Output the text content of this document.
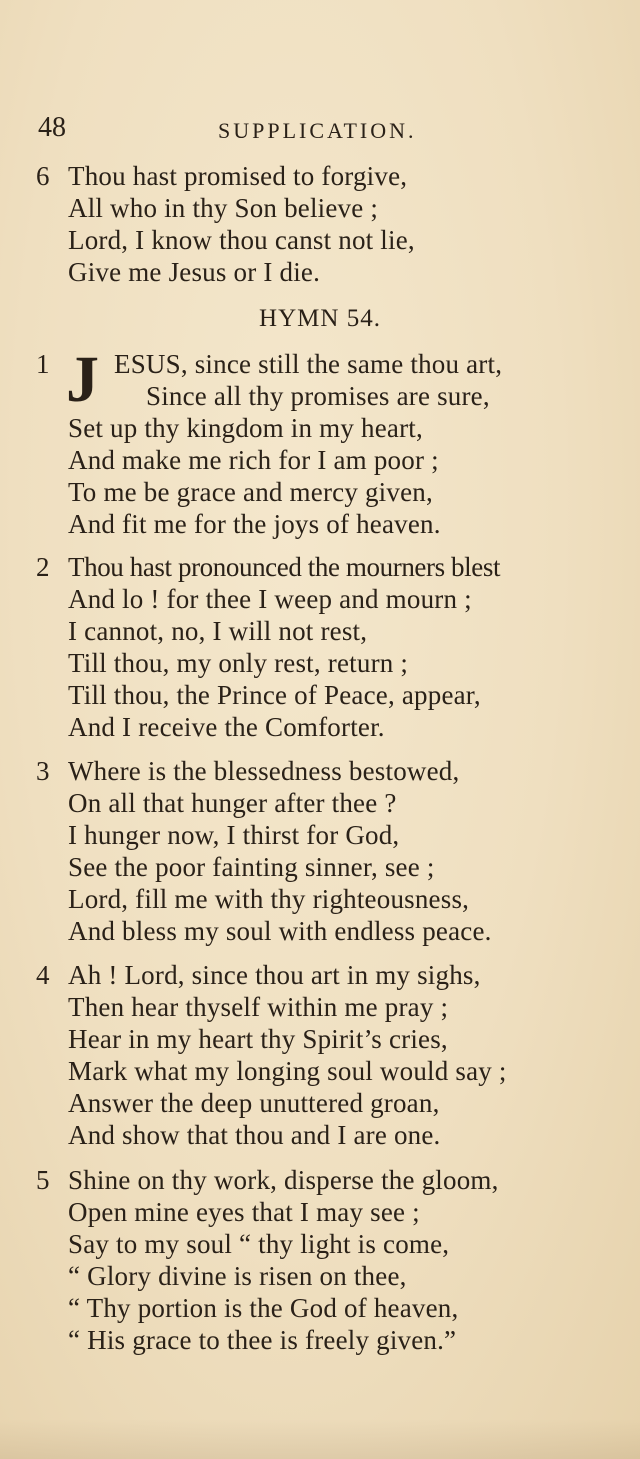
48	SUPPLICATION.
6 Thou hast promised to forgive,
All who in thy Son believe ;
Lord, I know thou canst not lie,
Give me Jesus or I die.
HYMN 54.
1 J ESUS, since still the same thou art,
Since all thy promises are sure,
Set up thy kingdom in my heart,
And make me rich for I am poor ;
To me be grace and mercy given,
And fit me for the joys of heaven.
2 Thou hast pronounced the mourners blest
And lo ! for thee I weep and mourn ;
I cannot, no, I will not rest,
Till thou, my only rest, return ;
Till thou, the Prince of Peace, appear,
And I receive the Comforter.
3 Where is the blessedness bestowed,
On all that hunger after thee ?
I hunger now, I thirst for God,
See the poor fainting sinner, see ;
Lord, fill me with thy righteousness,
And bless my soul with endless peace.
4 Ah ! Lord, since thou art in my sighs,
Then hear thyself within me pray ;
Hear in my heart thy Spirit’s cries,
Mark what my longing soul would say ;
Answer the deep unuttered groan,
And show that thou and I are one.
5 Shine on thy work, disperse the gloom,
Open mine eyes that I may see ;
Say to my soul “ thy light is come,
“ Glory divine is risen on thee,
“ Thy portion is the God of heaven,
“ His grace to thee is freely given.”
